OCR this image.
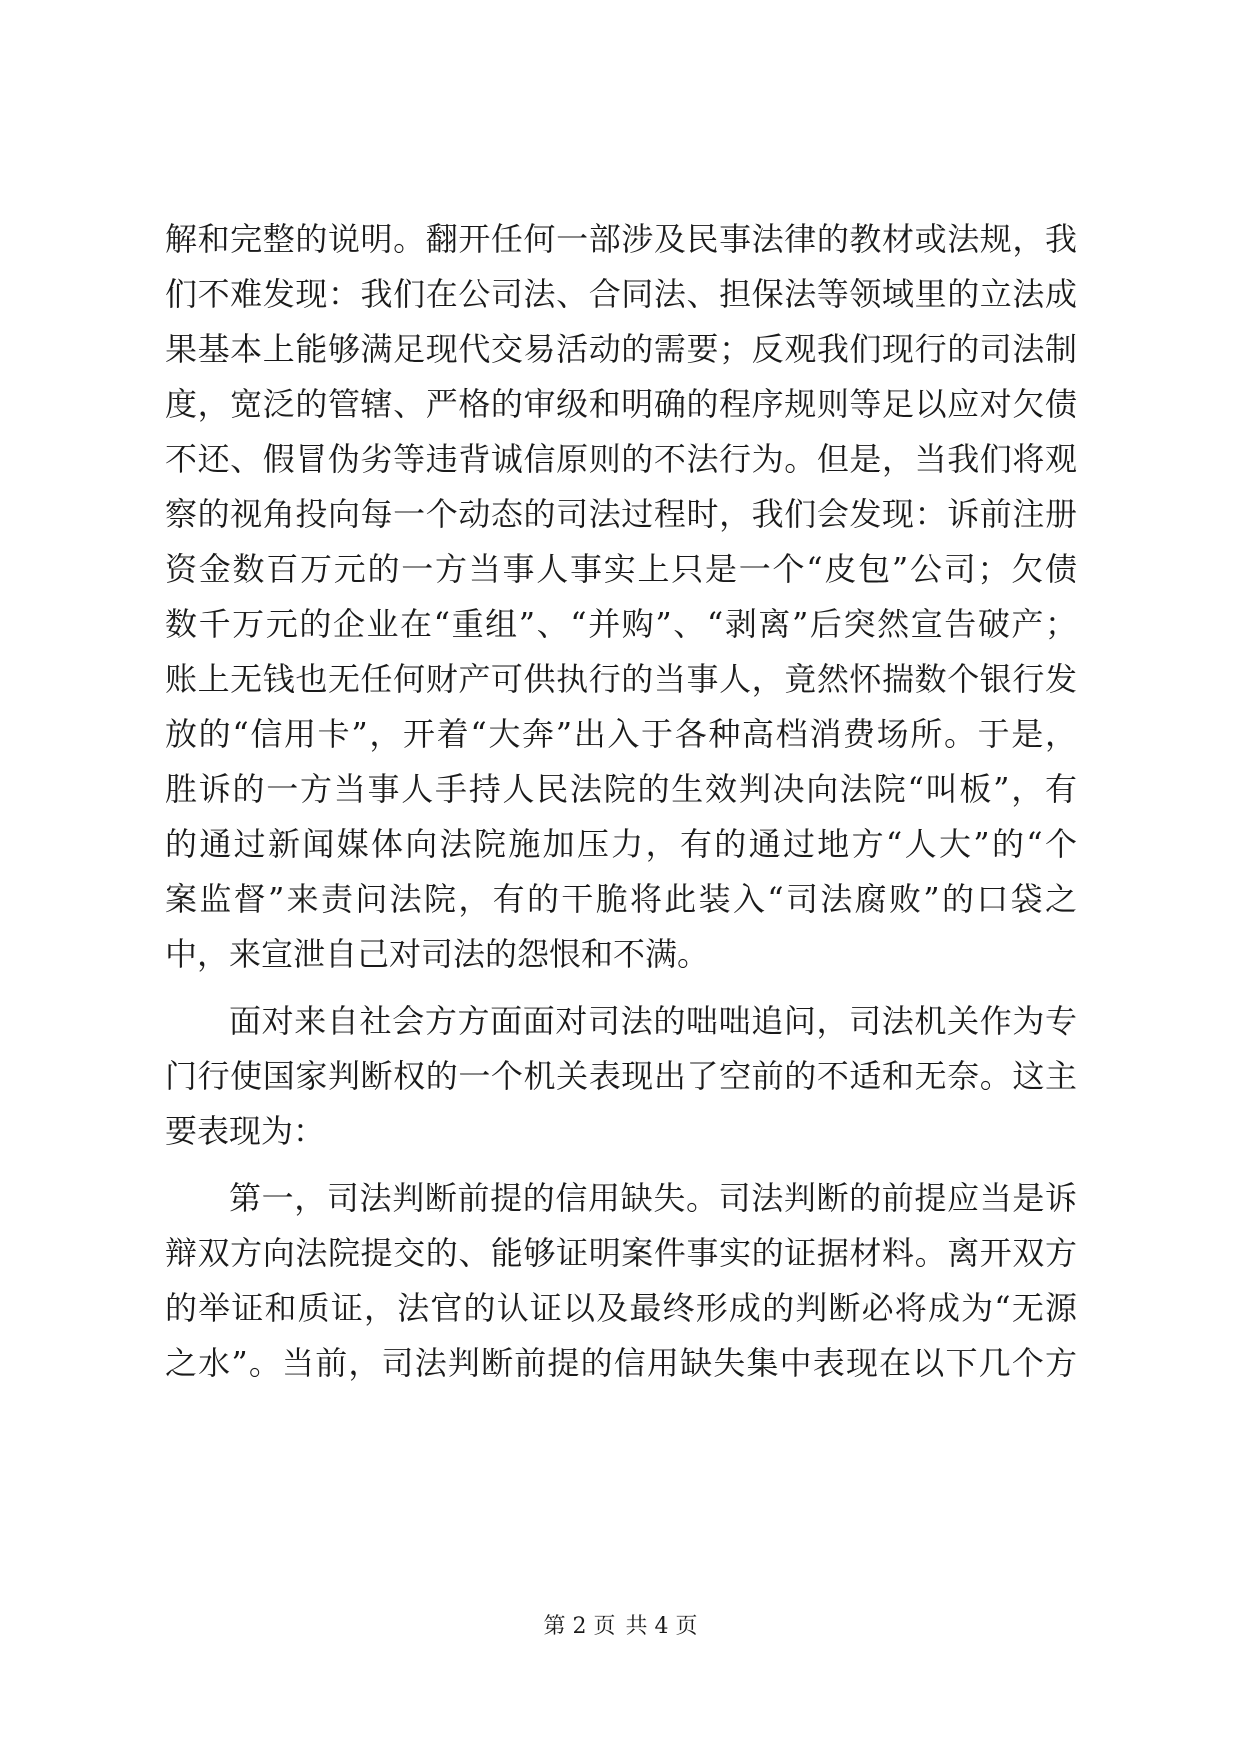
解和完整的说明。翻开任何一部涉及民事法律的教材或法规，我
们不难发现：我们在公司法、合同法、担保法等领域里的立法成
果基本上能够满足现代交易活动的需要；反观我们现行的司法制
度，宽泛的管辖、严格的审级和明确的程序规则等足以应对欠债
不还、假冒伪劣等违背诚信原则的不法行为。但是，当我们将观
察的视角投向每一个动态的司法过程时，我们会发现：诉前注册
资金数百万元的一方当事人事实上只是一个“皮包”公司；欠债
数千万元的企业在“重组”、“并购”、“剥离”后突然宣告破产；
账上无钱也无任何财产可供执行的当事人，竟然怀揣数个银行发
放的“信用卡”，开着“大奔”出入于各种高档消费场所。于是，
胜诉的一方当事人手持人民法院的生效判决向法院“叫板”，有
的通过新闻媒体向法院施加压力，有的通过地方“人大”的“个
案监督”来责问法院，有的干脆将此装入“司法腐败”的口袋之
中，来宣泄自己对司法的怨恨和不满。
面对来自社会方方面面对司法的咄咄追问，司法机关作为专
门行使国家判断权的一个机关表现出了空前的不适和无奈。这主
要表现为：
第一，司法判断前提的信用缺失。司法判断的前提应当是诉
辩双方向法院提交的、能够证明案件事实的证据材料。离开双方
的举证和质证，法官的认证以及最终形成的判断必将成为“无源
之水”。当前，司法判断前提的信用缺失集中表现在以下几个方
第 2 页 共 4 页
